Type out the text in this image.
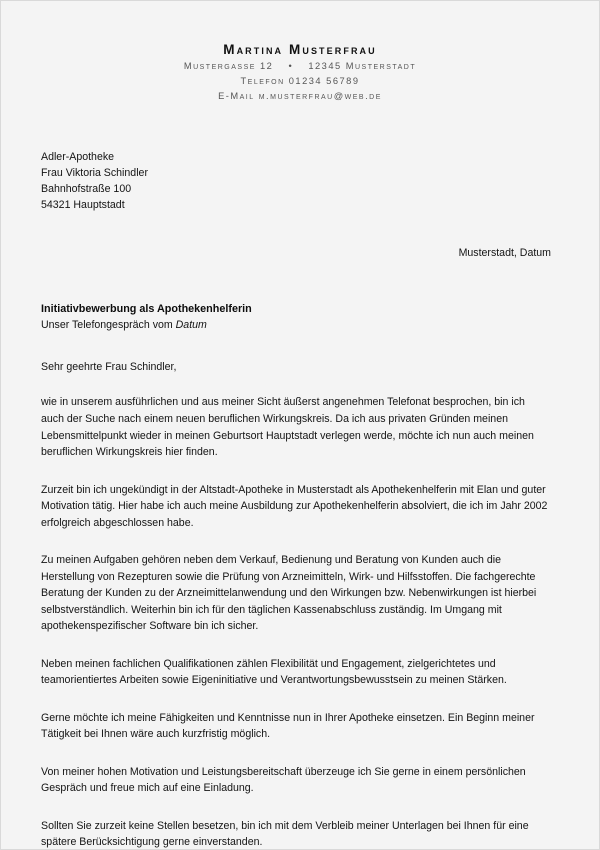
Martina Musterfrau
Mustergasse 12 • 12345 Musterstadt
Telefon 01234 56789
E-Mail m.musterfrau@web.de
Adler-Apotheke
Frau Viktoria Schindler
Bahnhofstraße 100
54321 Hauptstadt
Musterstadt, Datum
Initiativbewerbung als Apothekenhelferin
Unser Telefongespräch vom Datum
Sehr geehrte Frau Schindler,

wie in unserem ausführlichen und aus meiner Sicht äußerst angenehmen Telefonat besprochen, bin ich auch der Suche nach einem neuen beruflichen Wirkungskreis. Da ich aus privaten Gründen meinen Lebensmittelpunkt wieder in meinen Geburtsort Hauptstadt verlegen werde, möchte ich nun auch meinen beruflichen Wirkungskreis hier finden.

Zurzeit bin ich ungekündigt in der Altstadt-Apotheke in Musterstadt als Apothekenhelferin mit Elan und guter Motivation tätig. Hier habe ich auch meine Ausbildung zur Apothekenhelferin absolviert, die ich im Jahr 2002 erfolgreich abgeschlossen habe.

Zu meinen Aufgaben gehören neben dem Verkauf, Bedienung und Beratung von Kunden auch die Herstellung von Rezepturen sowie die Prüfung von Arzneimitteln, Wirk- und Hilfsstoffen. Die fachgerechte Beratung der Kunden zu der Arzneimittelanwendung und den Wirkungen bzw. Nebenwirkungen ist hierbei selbstverständlich. Weiterhin bin ich für den täglichen Kassenabschluss zuständig. Im Umgang mit apothekenspezifischer Software bin ich sicher.

Neben meinen fachlichen Qualifikationen zählen Flexibilität und Engagement, zielgerichtetes und teamorientiertes Arbeiten sowie Eigeninitiative und Verantwortungsbewusstsein zu meinen Stärken.

Gerne möchte ich meine Fähigkeiten und Kenntnisse nun in Ihrer Apotheke einsetzen. Ein Beginn meiner Tätigkeit bei Ihnen wäre auch kurzfristig möglich.

Von meiner hohen Motivation und Leistungsbereitschaft überzeuge ich Sie gerne in einem persönlichen Gespräch und freue mich auf eine Einladung.

Sollten Sie zurzeit keine Stellen besetzen, bin ich mit dem Verbleib meiner Unterlagen bei Ihnen für eine spätere Berücksichtigung gerne einverstanden.
